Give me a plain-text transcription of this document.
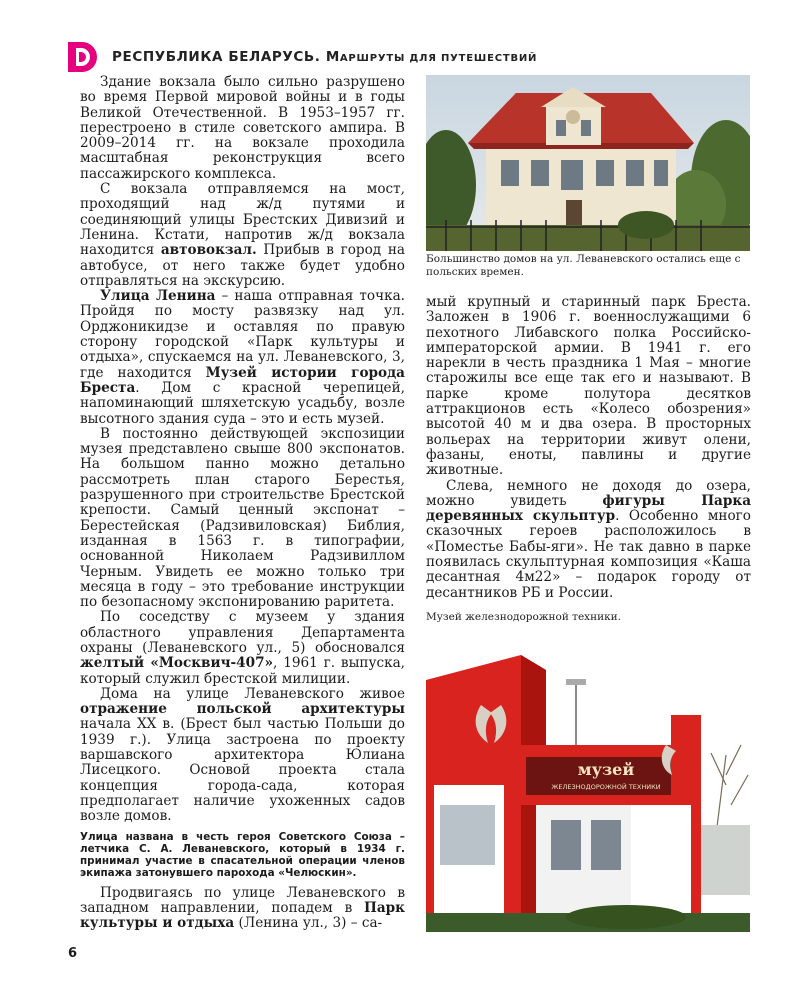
РЕСПУБЛИКА БЕЛАРУСЬ. МАРШРУТЫ ДЛЯ ПУТЕШЕСТВИЙ

Здание вокзала было сильно разрушено во время Первой мировой войны и в годы Великой Отечественной. В 1953–1957 гг. перестроено в стиле советского ампира. В 2009–2014 гг. на вокзале проходила масштабная реконструкция всего пассажирского комплекса.

С вокзала отправляемся на мост, проходящий над ж/д путями и соединяющий улицы Брестских Дивизий и Ленина. Кстати, напротив ж/д вокзала находится автовокзал. Прибыв в город на автобусе, от него также будет удобно отправляться на экскурсию.

Улица Ленина – наша отправная точка. Пройдя по мосту развязку над ул. Орджоникидзе и оставляя по правую сторону городской «Парк культуры и отдыха», спускаемся на ул. Леваневского, 3, где находится Музей истории города Бреста. Дом с красной черепицей, напоминающий шляхетскую усадьбу, возле высотного здания суда – это и есть музей.

В постоянно действующей экспозиции музея представлено свыше 800 экспонатов. На большом панно можно детально рассмотреть план старого Берестья, разрушенного при строительстве Брестской крепости. Самый ценный экспонат – Берестейская (Радзивиловская) Библия, изданная в 1563 г. в типографии, основанной Николаем Радзивиллом Черным. Увидеть ее можно только три месяца в году – это требование инструкции по безопасному экспонированию раритета.

По соседству с музеем у здания областного управления Департамента охраны (Леваневского ул., 5) обосновался желтый «Москвич-407», 1961 г. выпуска, который служил брестской милиции.

Дома на улице Леваневского живое отражение польской архитектуры начала XX в. (Брест был частью Польши до 1939 г.). Улица застроена по проекту варшавского архитектора Юлиана Лисецкого. Основой проекта стала концепция города-сада, которая предполагает наличие ухоженных садов возле домов.

Улица названа в честь героя Советского Союза – летчика С. А. Леваневского, который в 1934 г. принимал участие в спасательной операции членов экипажа затонувшего парохода «Челюскин».

Продвигаясь по улице Леваневского в западном направлении, попадем в Парк культуры и отдыха (Ленина ул., 3) – са-

Большинство домов на ул. Леваневского остались еще с польских времен.

мый крупный и старинный парк Бреста. Заложен в 1906 г. военнослужащими 6 пехотного Либавского полка Российско-императорской армии. В 1941 г. его нарекли в честь праздника 1 Мая – многие старожилы все еще так его и называют. В парке кроме полутора десятков аттракционов есть «Колесо обозрения» высотой 40 м и два озера. В просторных вольерах на территории живут олени, фазаны, еноты, павлины и другие животные.

Слева, немного не доходя до озера, можно увидеть фигуры Парка деревянных скульптур. Особенно много сказочных героев расположилось в «Поместье Бабы-яги». Не так давно в парке появилась скульптурная композиция «Каша десантная 4м22» – подарок городу от десантников РБ и России.

Музей железнодорожной техники.
музей
ЖЕЛЕЗНОДОРОЖНОЙ ТЕХНИКИ
6
